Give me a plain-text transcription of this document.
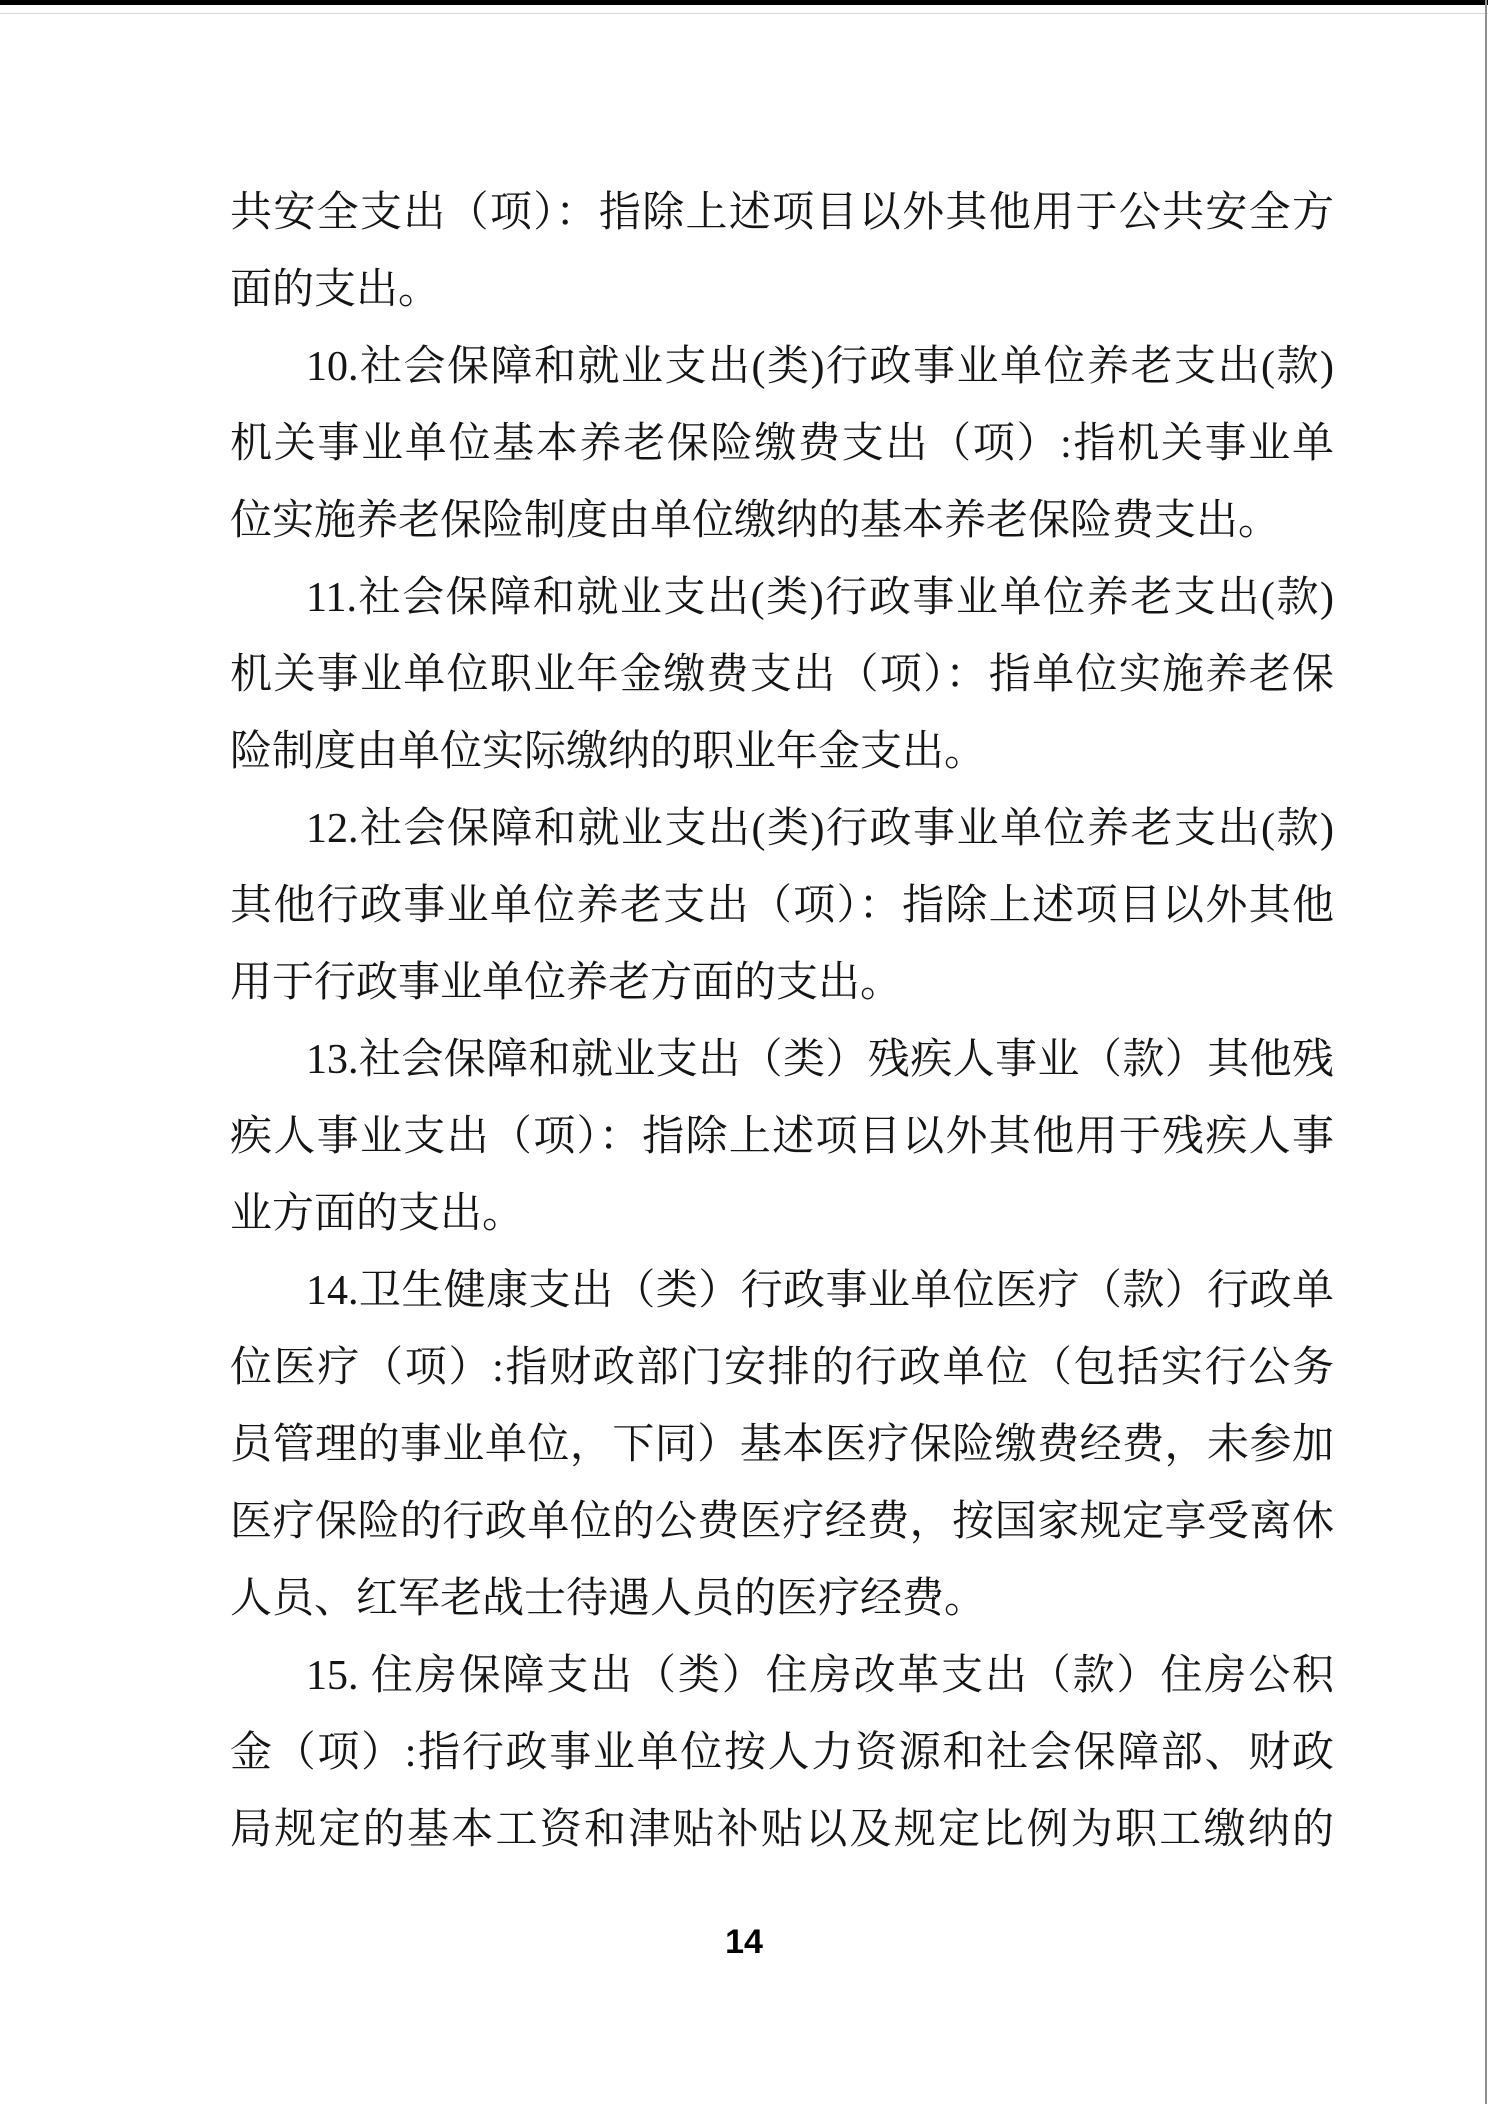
共安全支出（项）：指除上述项目以外其他用于公共安全方
面的支出。
10.社会保障和就业支出(类)行政事业单位养老支出(款)
机关事业单位基本养老保险缴费支出（项）:指机关事业单
位实施养老保险制度由单位缴纳的基本养老保险费支出。
11.社会保障和就业支出(类)行政事业单位养老支出(款)
机关事业单位职业年金缴费支出（项）：指单位实施养老保
险制度由单位实际缴纳的职业年金支出。
12.社会保障和就业支出(类)行政事业单位养老支出(款)
其他行政事业单位养老支出（项）：指除上述项目以外其他
用于行政事业单位养老方面的支出。
13.社会保障和就业支出（类）残疾人事业（款）其他残
疾人事业支出（项）：指除上述项目以外其他用于残疾人事
业方面的支出。
14.卫生健康支出（类）行政事业单位医疗（款）行政单
位医疗（项）:指财政部门安排的行政单位（包括实行公务
员管理的事业单位，下同）基本医疗保险缴费经费，未参加
医疗保险的行政单位的公费医疗经费，按国家规定享受离休
人员、红军老战士待遇人员的医疗经费。
15. 住房保障支出（类）住房改革支出（款）住房公积
金（项）:指行政事业单位按人力资源和社会保障部、财政
局规定的基本工资和津贴补贴以及规定比例为职工缴纳的
14
